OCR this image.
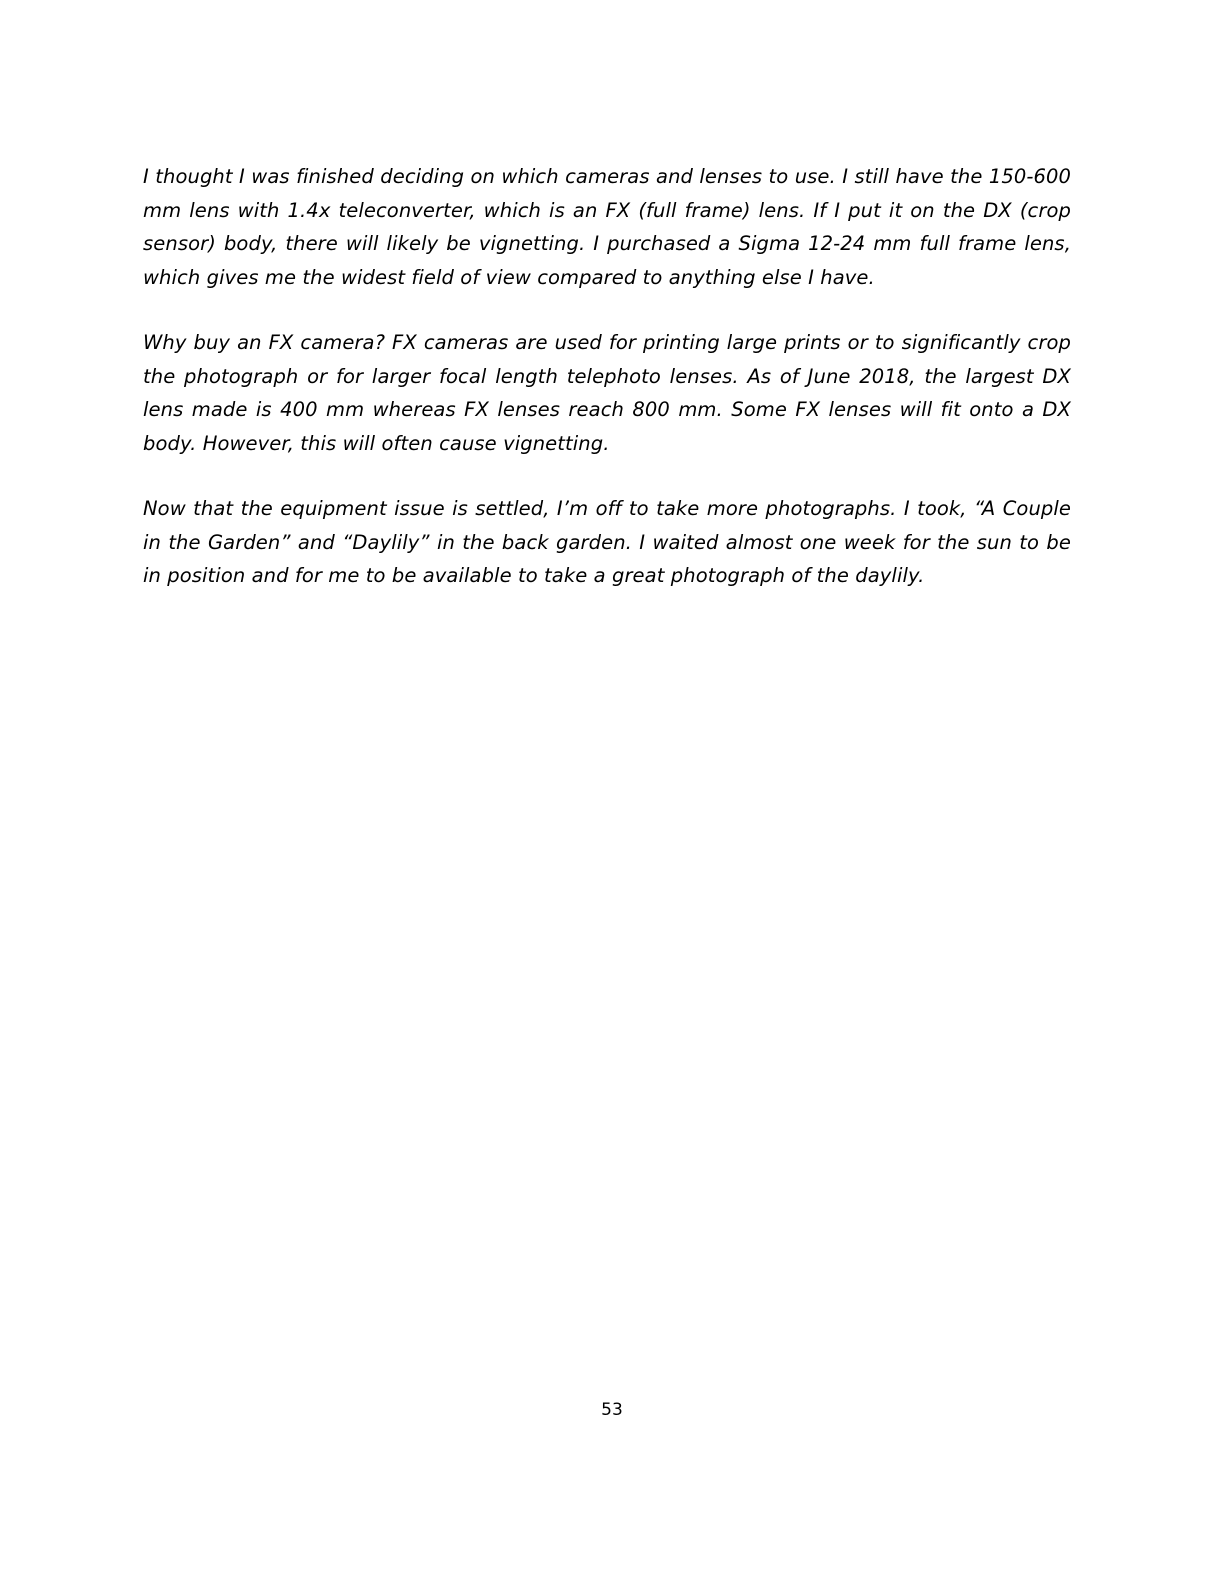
I thought I was finished deciding on which cameras and lenses to use. I still have the 150-600 mm lens with 1.4x teleconverter, which is an FX (full frame) lens. If I put it on the DX (crop sensor) body, there will likely be vignetting. I purchased a Sigma 12-24 mm full frame lens, which gives me the widest field of view compared to anything else I have.

Why buy an FX camera? FX cameras are used for printing large prints or to significantly crop the photograph or for larger focal length telephoto lenses. As of June 2018, the largest DX lens made is 400 mm whereas FX lenses reach 800 mm. Some FX lenses will fit onto a DX body. However, this will often cause vignetting.

Now that the equipment issue is settled, I’m off to take more photographs. I took, “A Couple in the Garden” and “Daylily” in the back garden. I waited almost one week for the sun to be in position and for me to be available to take a great photograph of the daylily.

53
